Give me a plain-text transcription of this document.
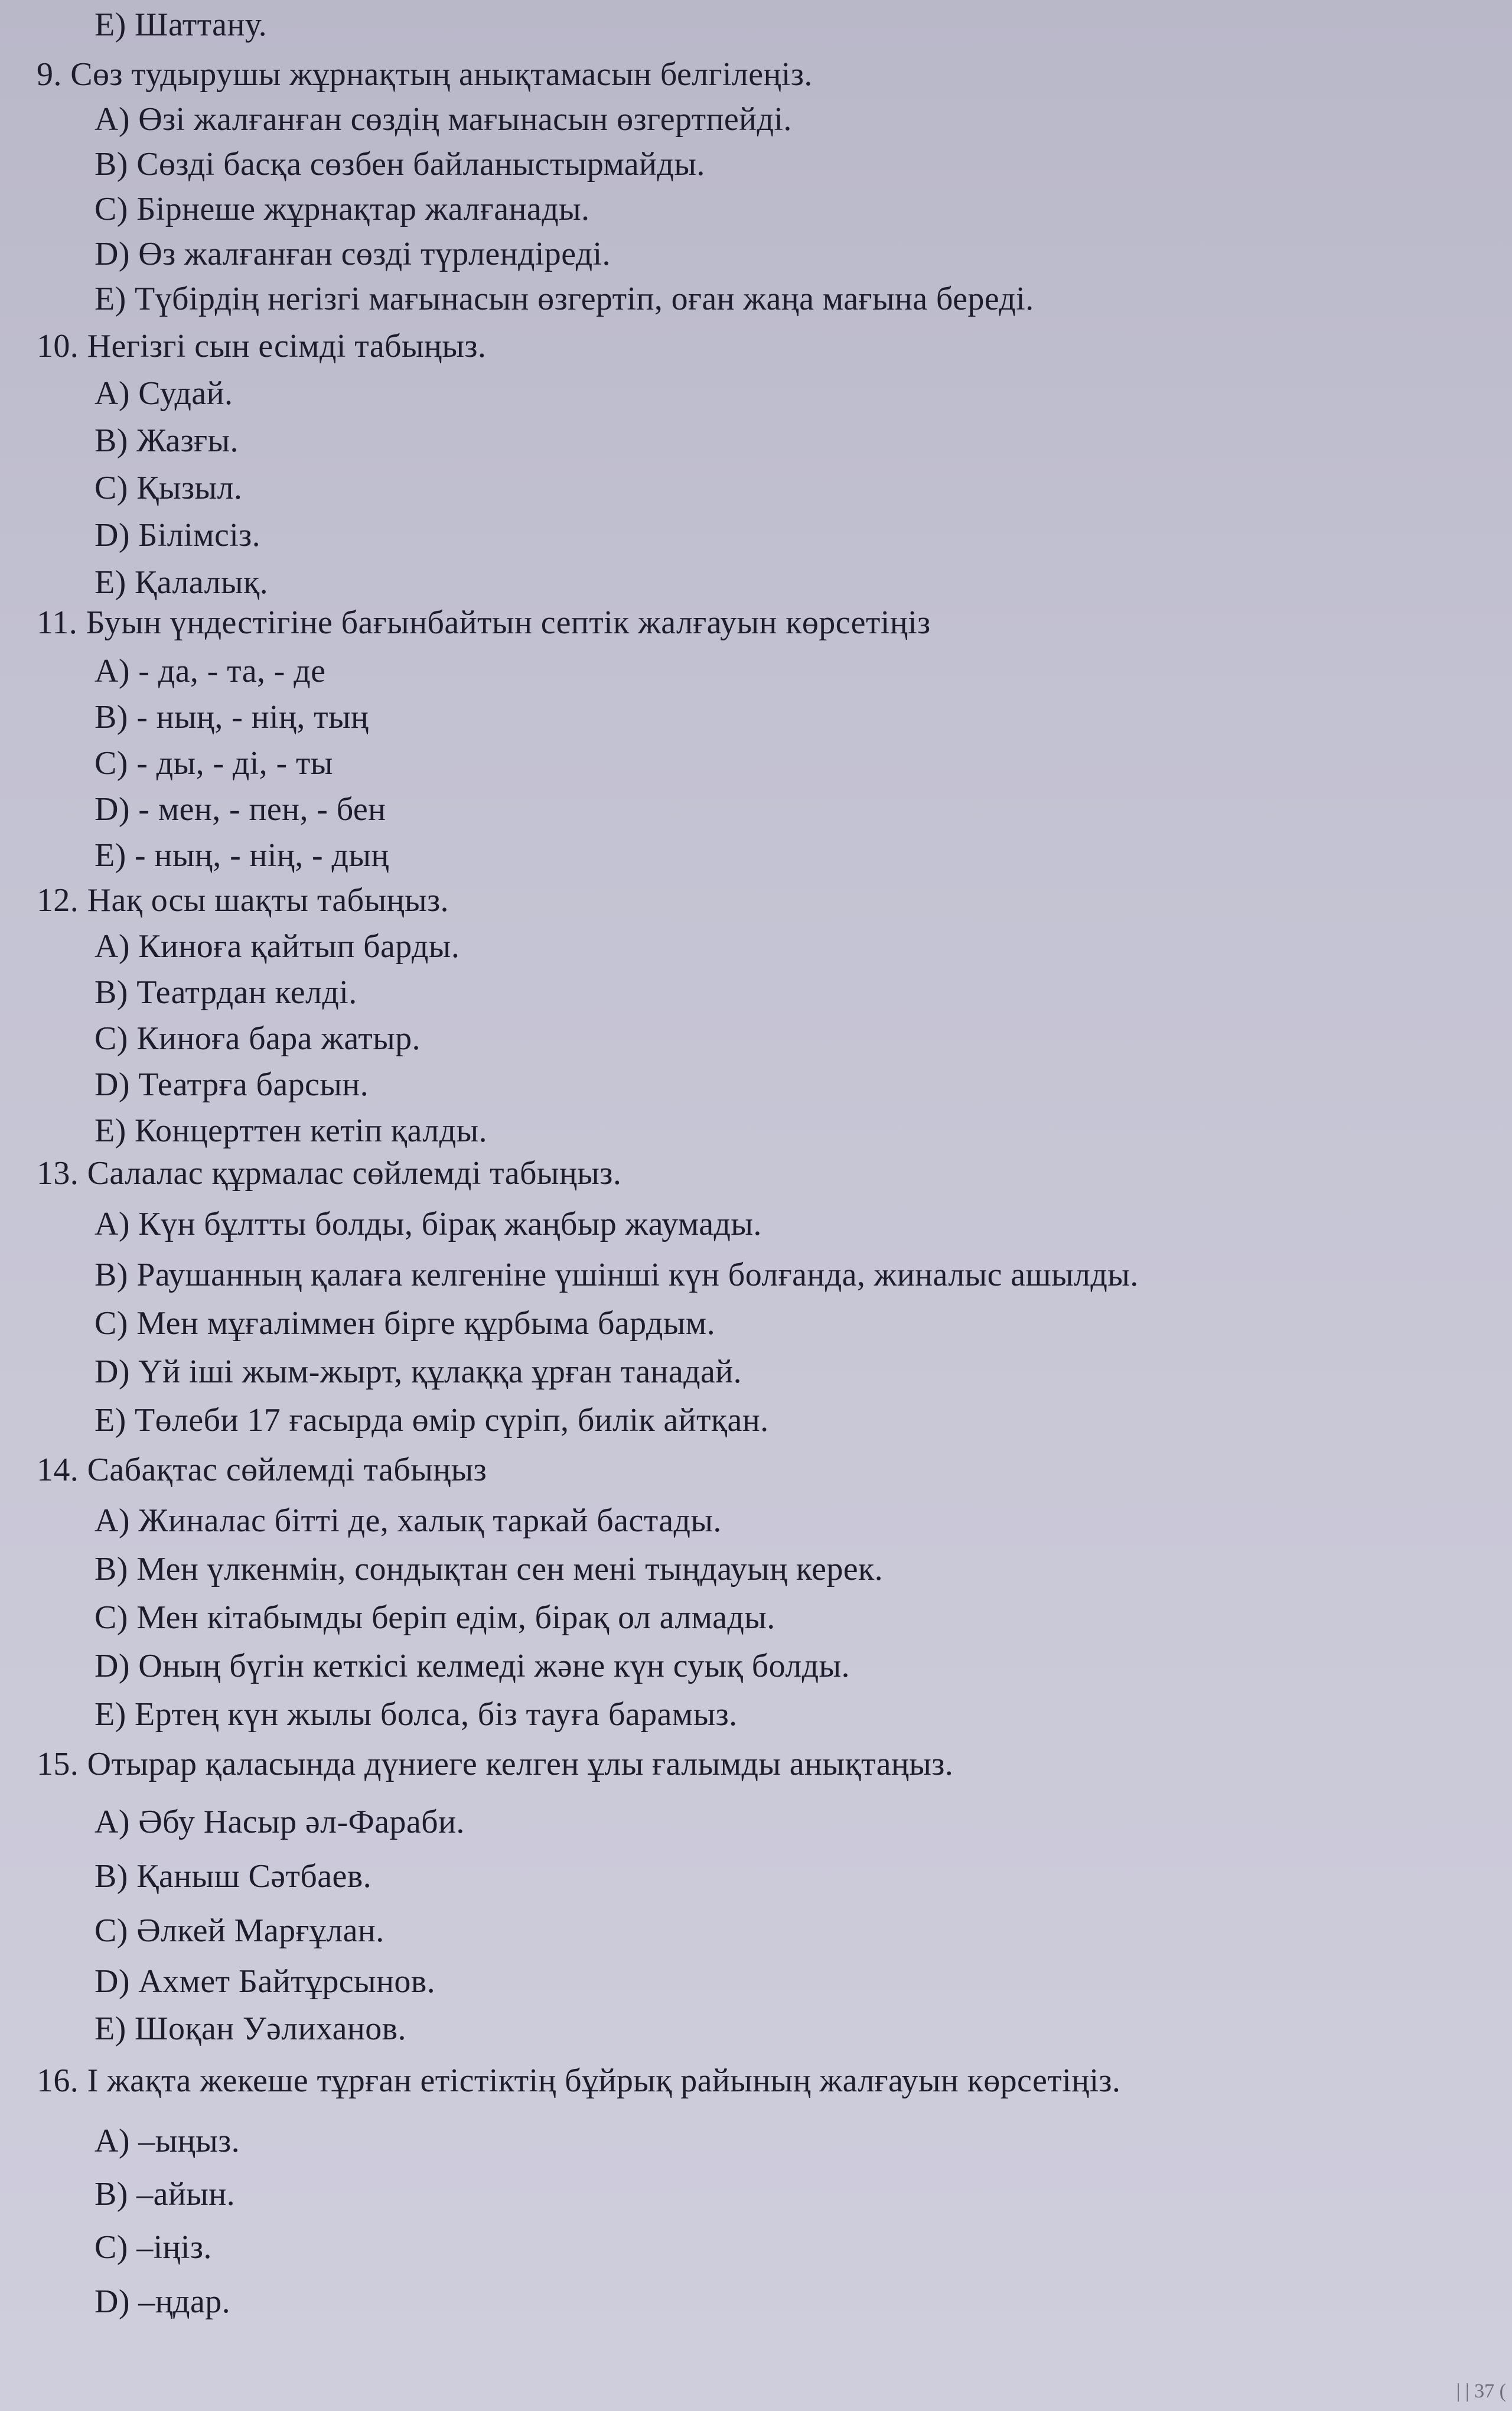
E) Шаттану.
9. Сөз тудырушы жұрнақтың анықтамасын белгілеңіз.
A) Өзі жалғанған сөздің мағынасын өзгертпейді.
B) Сөзді басқа сөзбен байланыстырмайды.
C) Бірнеше жұрнақтар жалғанады.
D) Өз жалғанған сөзді түрлендіреді.
E) Түбірдің негізгі мағынасын өзгертіп, оған жаңа мағына береді.
10. Негізгі сын есімді табыңыз.
A) Судай.
B) Жазғы.
C) Қызыл.
D) Білімсіз.
E) Қалалық.
11. Буын үндестігіне бағынбайтын септік жалғауын көрсетіңіз
A) - да, - та, - де
B) - ның, - нің, тың
C) - ды, - ді, - ты
D) - мен, - пен, - бен
E) - ның, - нің, - дың
12. Нақ осы шақты табыңыз.
A) Киноға қайтып барды.
B) Театрдан келді.
C) Киноға бара жатыр.
D) Театрға барсын.
E) Концерттен кетіп қалды.
13. Салалас құрмалас сөйлемді табыңыз.
A) Күн бұлтты болды, бірақ жаңбыр жаумады.
B) Раушанның қалаға келгеніне үшінші күн болғанда, жиналыс ашылды.
C) Мен мұғаліммен бірге құрбыма бардым.
D) Үй іші жым-жырт, құлаққа ұрған танадай.
E) Төлеби 17 ғасырда өмір сүріп, билік айтқан.
14. Сабақтас сөйлемді табыңыз
A) Жиналас бітті де, халық таркай бастады.
B) Мен үлкенмін, сондықтан сен мені тыңдауың керек.
C) Мен кітабымды беріп едім, бірақ ол алмады.
D) Оның бүгін кеткісі келмеді және күн суық болды.
E) Ертең күн жылы болса, біз тауға барамыз.
15. Отырар қаласында дүниеге келген ұлы ғалымды анықтаңыз.
A) Әбу Насыр әл-Фараби.
B) Қаныш Сәтбаев.
C) Әлкей Марғұлан.
D) Ахмет Байтұрсынов.
E) Шоқан Уәлиханов.
16. I жақта жекеше тұрған етістіктің бұйрық райының жалғауын көрсетіңіз.
A) –ыңыз.
B) –айын.
C) –іңіз.
D) –ңдар.
| | 37 (
